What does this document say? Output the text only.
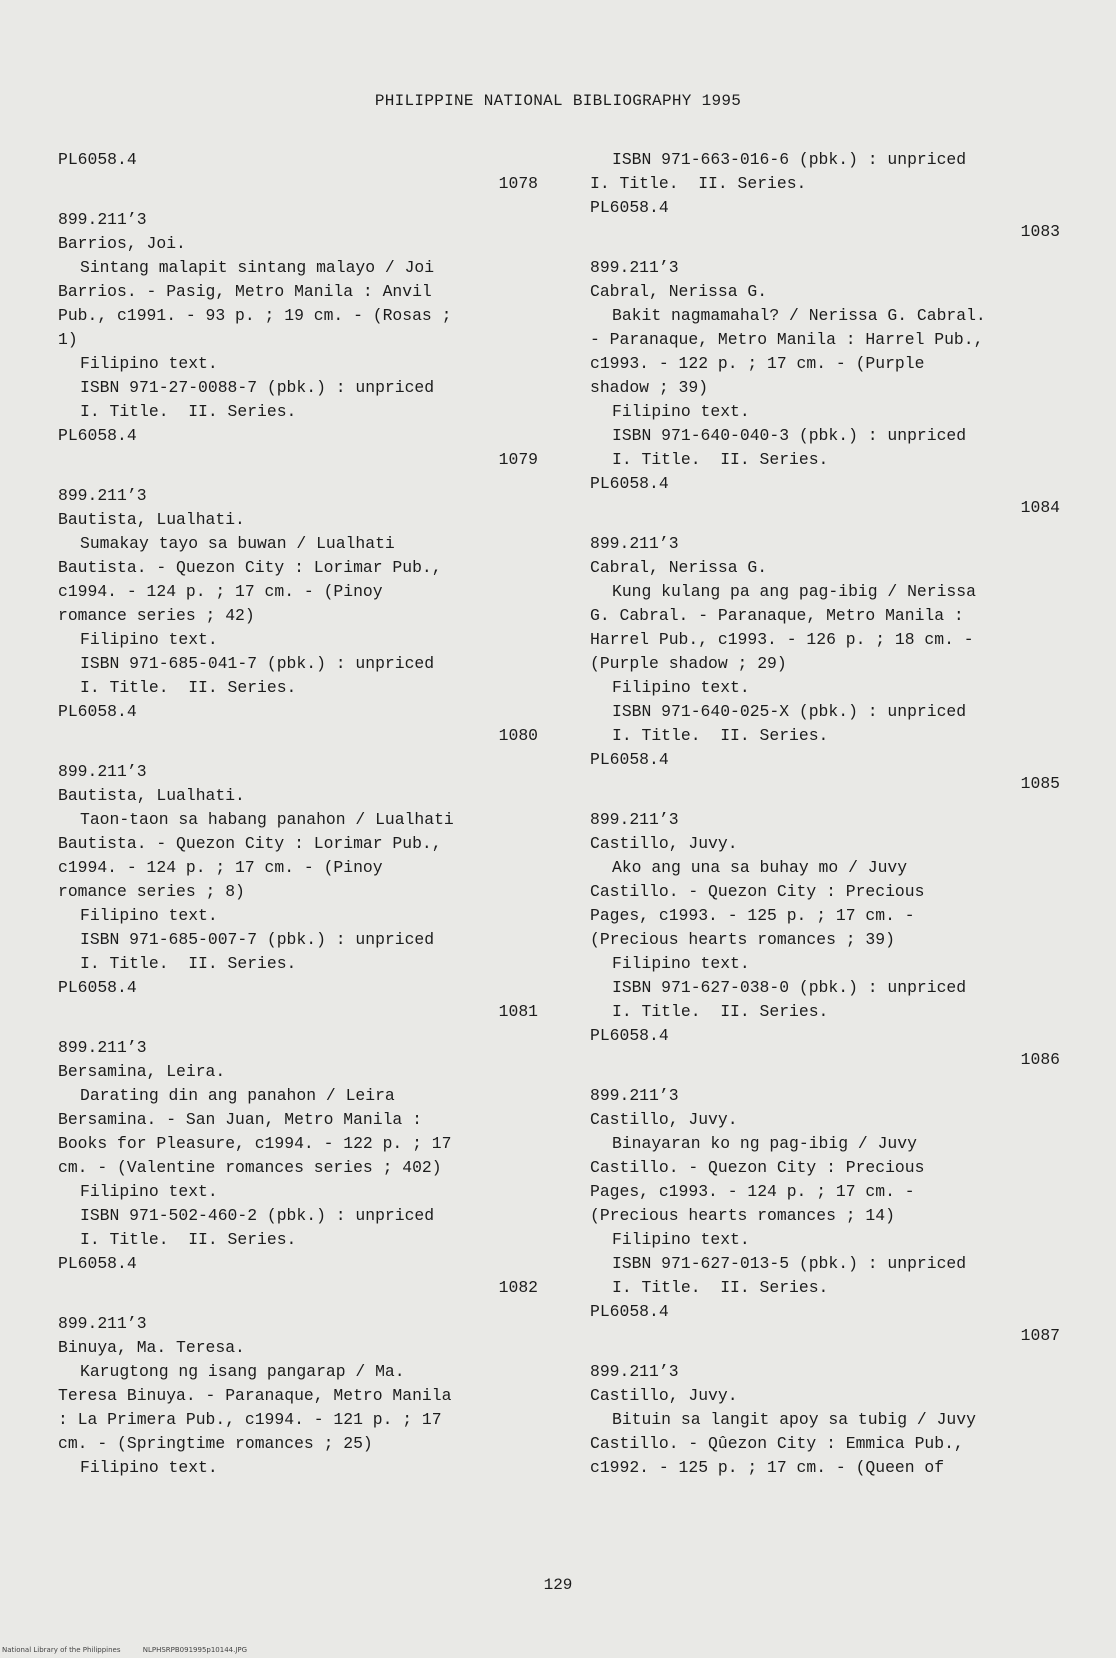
PHILIPPINE NATIONAL BIBLIOGRAPHY 1995
PL6058.4
1078
899.211’3
Barrios, Joi.
Sintang malapit sintang malayo / Joi
Barrios. - Pasig, Metro Manila : Anvil
Pub., c1991. - 93 p. ; 19 cm. - (Rosas ;
1)
Filipino text.
ISBN 971-27-0088-7 (pbk.) : unpriced
I. Title.  II. Series.
PL6058.4
1079
899.211’3
Bautista, Lualhati.
Sumakay tayo sa buwan / Lualhati
Bautista. - Quezon City : Lorimar Pub.,
c1994. - 124 p. ; 17 cm. - (Pinoy
romance series ; 42)
Filipino text.
ISBN 971-685-041-7 (pbk.) : unpriced
I. Title.  II. Series.
PL6058.4
1080
899.211’3
Bautista, Lualhati.
Taon-taon sa habang panahon / Lualhati
Bautista. - Quezon City : Lorimar Pub.,
c1994. - 124 p. ; 17 cm. - (Pinoy
romance series ; 8)
Filipino text.
ISBN 971-685-007-7 (pbk.) : unpriced
I. Title.  II. Series.
PL6058.4
1081
899.211’3
Bersamina, Leira.
Darating din ang panahon / Leira
Bersamina. - San Juan, Metro Manila :
Books for Pleasure, c1994. - 122 p. ; 17
cm. - (Valentine romances series ; 402)
Filipino text.
ISBN 971-502-460-2 (pbk.) : unpriced
I. Title.  II. Series.
PL6058.4
1082
899.211’3
Binuya, Ma. Teresa.
Karugtong ng isang pangarap / Ma.
Teresa Binuya. - Paranaque, Metro Manila
: La Primera Pub., c1994. - 121 p. ; 17
cm. - (Springtime romances ; 25)
Filipino text.
ISBN 971-663-016-6 (pbk.) : unpriced
I. Title.  II. Series.
PL6058.4
1083
899.211’3
Cabral, Nerissa G.
Bakit nagmamahal? / Nerissa G. Cabral.
- Paranaque, Metro Manila : Harrel Pub.,
c1993. - 122 p. ; 17 cm. - (Purple
shadow ; 39)
Filipino text.
ISBN 971-640-040-3 (pbk.) : unpriced
I. Title.  II. Series.
PL6058.4
1084
899.211’3
Cabral, Nerissa G.
Kung kulang pa ang pag-ibig / Nerissa
G. Cabral. - Paranaque, Metro Manila :
Harrel Pub., c1993. - 126 p. ; 18 cm. -
(Purple shadow ; 29)
Filipino text.
ISBN 971-640-025-X (pbk.) : unpriced
I. Title.  II. Series.
PL6058.4
1085
899.211’3
Castillo, Juvy.
Ako ang una sa buhay mo / Juvy
Castillo. - Quezon City : Precious
Pages, c1993. - 125 p. ; 17 cm. -
(Precious hearts romances ; 39)
Filipino text.
ISBN 971-627-038-0 (pbk.) : unpriced
I. Title.  II. Series.
PL6058.4
1086
899.211’3
Castillo, Juvy.
Binayaran ko ng pag-ibig / Juvy
Castillo. - Quezon City : Precious
Pages, c1993. - 124 p. ; 17 cm. -
(Precious hearts romances ; 14)
Filipino text.
ISBN 971-627-013-5 (pbk.) : unpriced
I. Title.  II. Series.
PL6058.4
1087
899.211’3
Castillo, Juvy.
Bituin sa langit apoy sa tubig / Juvy
Castillo. - Qûezon City : Emmica Pub.,
c1992. - 125 p. ; 17 cm. - (Queen of
129
National Library of the Philippines	NLPHSRPB091995p10144.JPG
